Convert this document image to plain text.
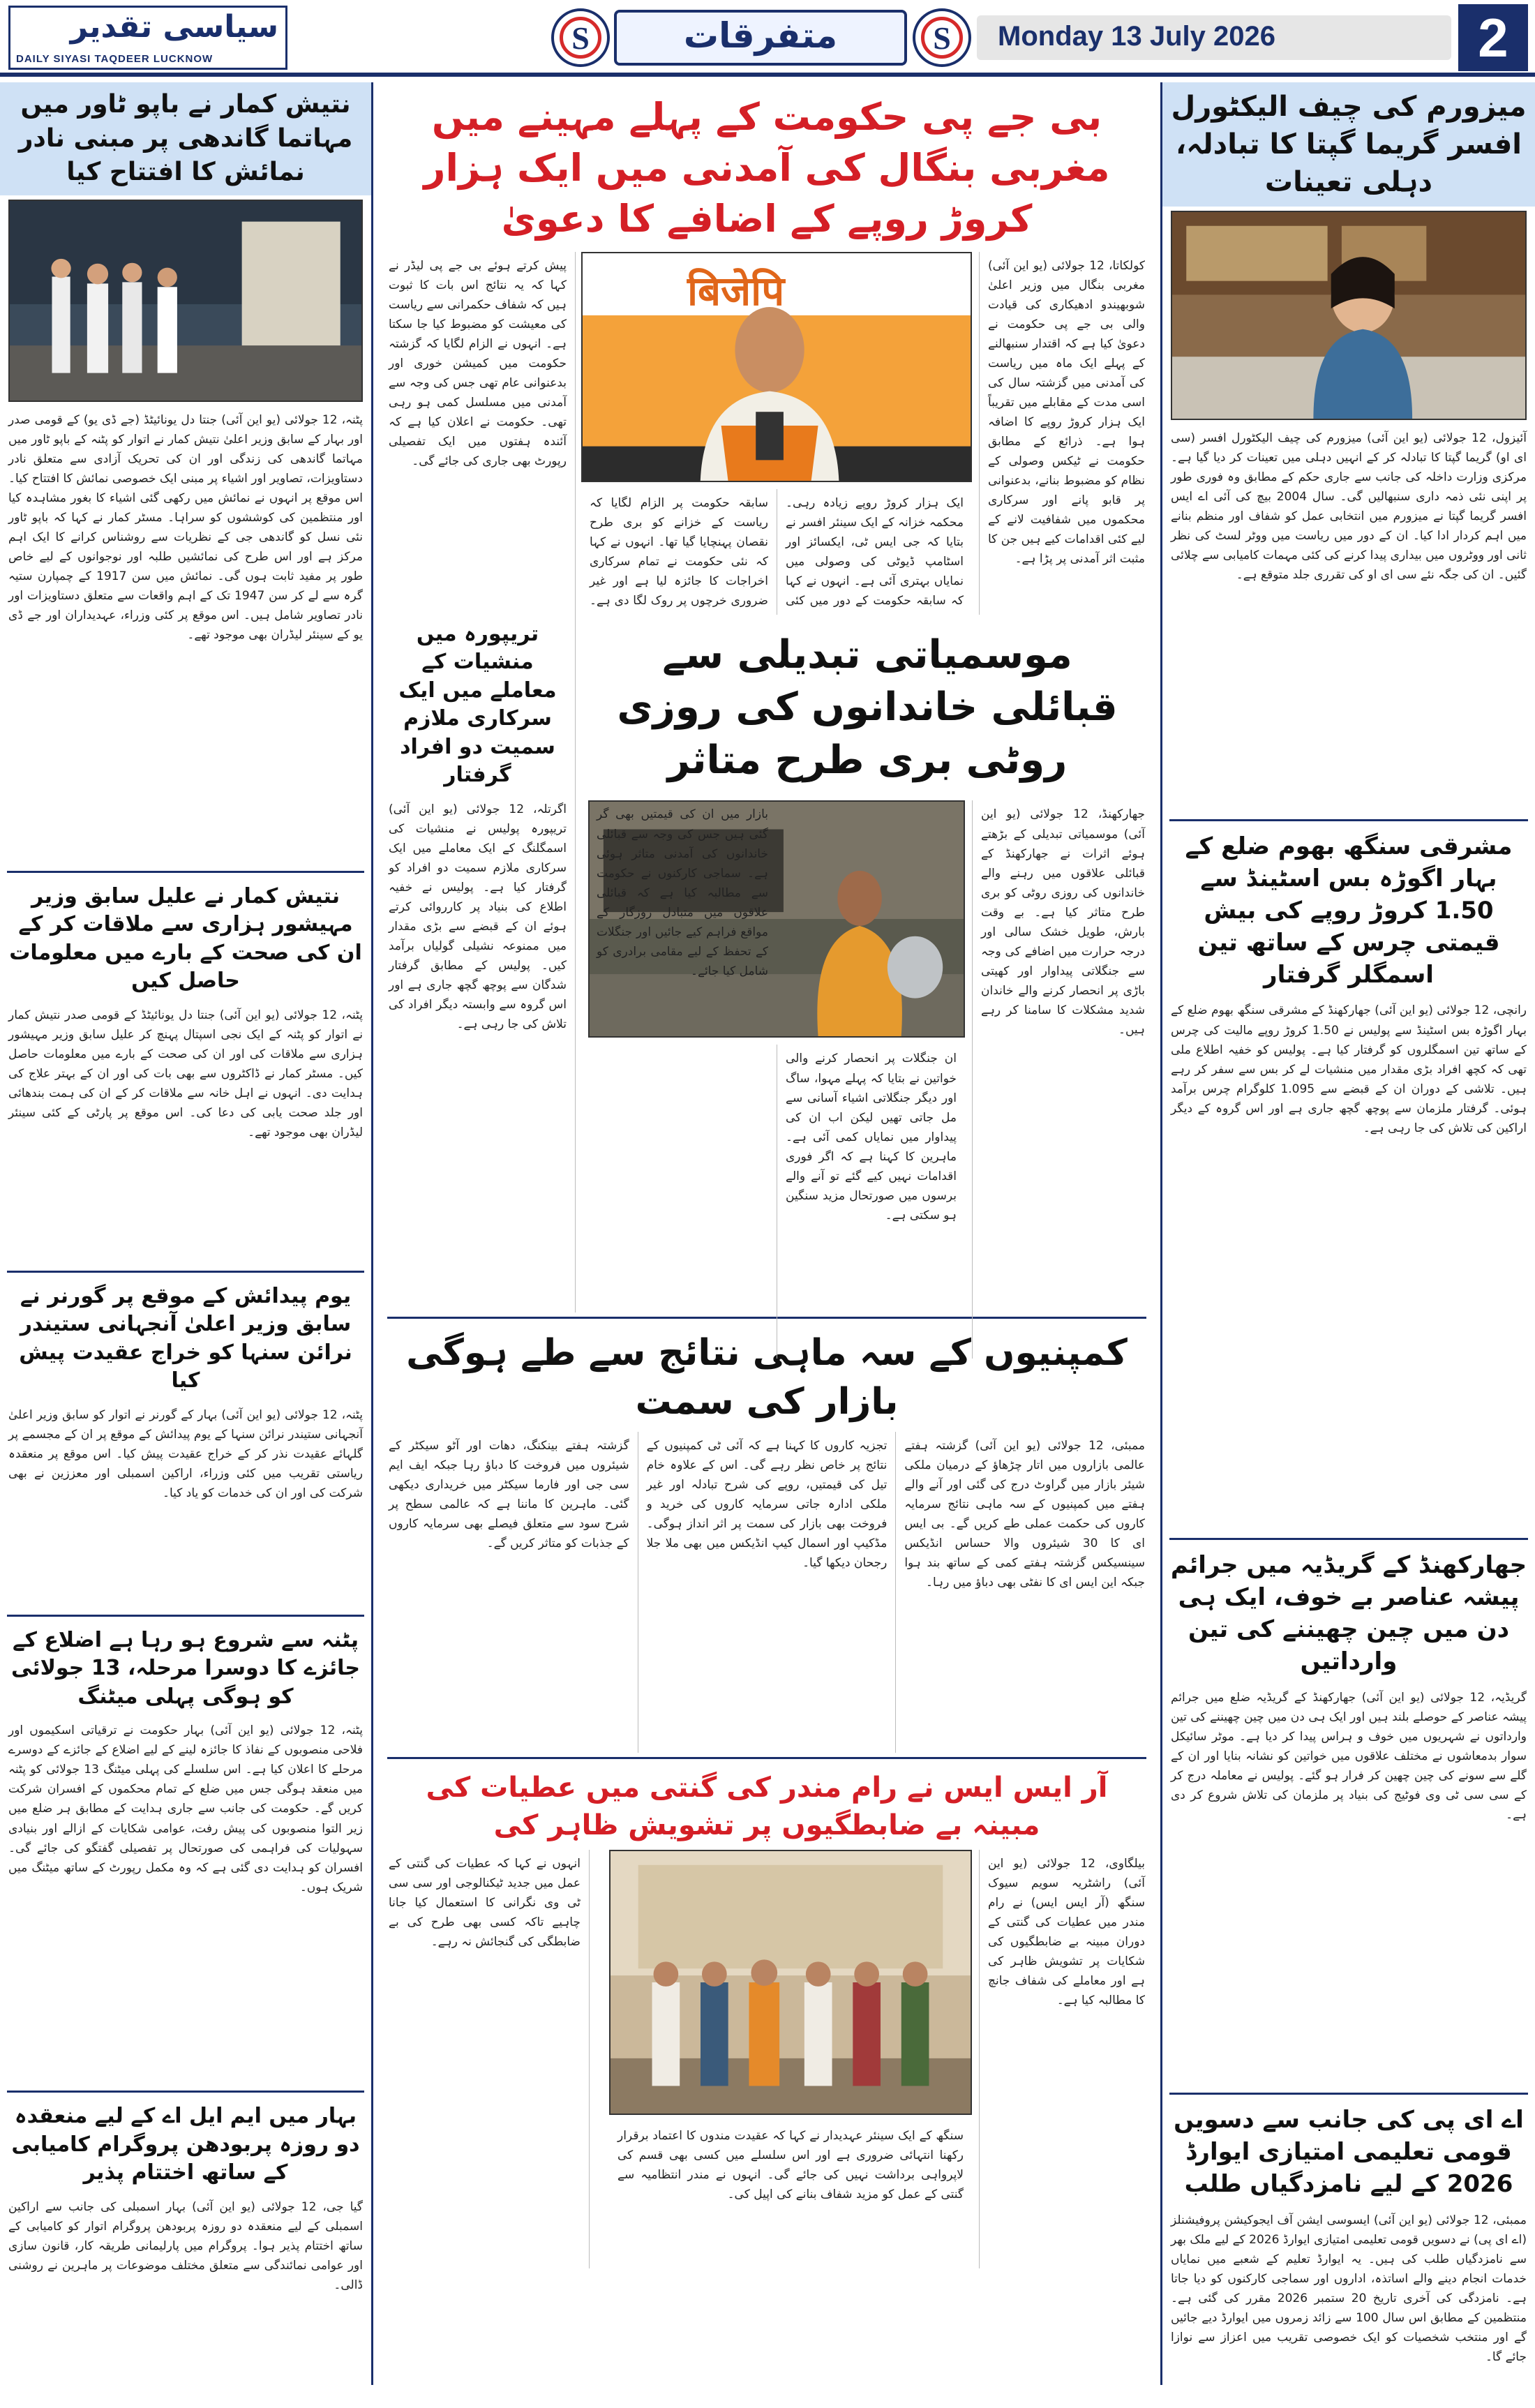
سیاسی تقدیر
DAILY SIYASI TAQDEER LUCKNOW
S	متفرقات	S	Monday 13 July 2026	2
میزورم کی چیف الیکٹورل افسر گریما گپتا کا تبادلہ، دہلی تعینات
آئیزول، 12 جولائی (یو این آئی) میزورم کی چیف الیکٹورل افسر (سی ای او) گریما گپتا کا تبادلہ کر کے انہیں دہلی میں تعینات کر دیا گیا ہے۔ مرکزی وزارت داخلہ کی جانب سے جاری حکم کے مطابق وہ فوری طور پر اپنی نئی ذمہ داری سنبھالیں گی۔ سال 2004 بیچ کی آئی اے ایس افسر گریما گپتا نے میزورم میں انتخابی عمل کو شفاف اور منظم بنانے میں اہم کردار ادا کیا۔ ان کے دور میں ریاست میں ووٹر لسٹ کی نظر ثانی اور ووٹروں میں بیداری پیدا کرنے کی کئی مہمات کامیابی سے چلائی گئیں۔ ان کی جگہ نئے سی ای او کی تقرری جلد متوقع ہے۔
مشرقی سنگھ بھوم ضلع کے بہار اگوڑہ بس اسٹینڈ سے 1.50 کروڑ روپے کی بیش قیمتی چرس کے ساتھ تین اسمگلر گرفتار
رانچی، 12 جولائی (یو این آئی) جھارکھنڈ کے مشرقی سنگھ بھوم ضلع کے بہار اگوڑہ بس اسٹینڈ سے پولیس نے 1.50 کروڑ روپے مالیت کی چرس کے ساتھ تین اسمگلروں کو گرفتار کیا ہے۔ پولیس کو خفیہ اطلاع ملی تھی کہ کچھ افراد بڑی مقدار میں منشیات لے کر بس سے سفر کر رہے ہیں۔ تلاشی کے دوران ان کے قبضے سے 1.095 کلوگرام چرس برآمد ہوئی۔ گرفتار ملزمان سے پوچھ گچھ جاری ہے اور اس گروہ کے دیگر اراکین کی تلاش کی جا رہی ہے۔
جھارکھنڈ کے گریڈیہ میں جرائم پیشہ عناصر بے خوف، ایک ہی دن میں چین چھیننے کی تین وارداتیں
گریڈیہ، 12 جولائی (یو این آئی) جھارکھنڈ کے گریڈیہ ضلع میں جرائم پیشہ عناصر کے حوصلے بلند ہیں اور ایک ہی دن میں چین چھیننے کی تین وارداتوں نے شہریوں میں خوف و ہراس پیدا کر دیا ہے۔ موٹر سائیکل سوار بدمعاشوں نے مختلف علاقوں میں خواتین کو نشانہ بنایا اور ان کے گلے سے سونے کی چین چھین کر فرار ہو گئے۔ پولیس نے معاملہ درج کر کے سی سی ٹی وی فوٹیج کی بنیاد پر ملزمان کی تلاش شروع کر دی ہے۔
اے ای پی کی جانب سے دسویں قومی تعلیمی امتیازی ایوارڈ 2026 کے لیے نامزدگیاں طلب
ممبئی، 12 جولائی (یو این آئی) ایسوسی ایشن آف ایجوکیشن پروفیشنلز (اے ای پی) نے دسویں قومی تعلیمی امتیازی ایوارڈ 2026 کے لیے ملک بھر سے نامزدگیاں طلب کی ہیں۔ یہ ایوارڈ تعلیم کے شعبے میں نمایاں خدمات انجام دینے والے اساتذہ، اداروں اور سماجی کارکنوں کو دیا جاتا ہے۔ نامزدگی کی آخری تاریخ 20 ستمبر 2026 مقرر کی گئی ہے۔ منتظمین کے مطابق اس سال 100 سے زائد زمروں میں ایوارڈ دیے جائیں گے اور منتخب شخصیات کو ایک خصوصی تقریب میں اعزاز سے نوازا جائے گا۔
نتیش کمار نے باپو ٹاور میں مہاتما گاندھی پر مبنی نادر نمائش کا افتتاح کیا
پٹنہ، 12 جولائی (یو این آئی) جنتا دل یونائیٹڈ (جے ڈی یو) کے قومی صدر اور بہار کے سابق وزیر اعلیٰ نتیش کمار نے اتوار کو پٹنہ کے باپو ٹاور میں مہاتما گاندھی کی زندگی اور ان کی تحریک آزادی سے متعلق نادر دستاویزات، تصاویر اور اشیاء پر مبنی ایک خصوصی نمائش کا افتتاح کیا۔ اس موقع پر انہوں نے نمائش میں رکھی گئی اشیاء کا بغور مشاہدہ کیا اور منتظمین کی کوششوں کو سراہا۔ مسٹر کمار نے کہا کہ باپو ٹاور نئی نسل کو گاندھی جی کے نظریات سے روشناس کرانے کا ایک اہم مرکز ہے اور اس طرح کی نمائشیں طلبہ اور نوجوانوں کے لیے خاص طور پر مفید ثابت ہوں گی۔ نمائش میں سن 1917 کے چمپارن ستیہ گرہ سے لے کر سن 1947 تک کے اہم واقعات سے متعلق دستاویزات اور نادر تصاویر شامل ہیں۔ اس موقع پر کئی وزراء، عہدیداران اور جے ڈی یو کے سینئر لیڈران بھی موجود تھے۔
نتیش کمار نے علیل سابق وزیر مہیشور ہزاری سے ملاقات کر کے ان کی صحت کے بارے میں معلومات حاصل کیں
پٹنہ، 12 جولائی (یو این آئی) جنتا دل یونائیٹڈ کے قومی صدر نتیش کمار نے اتوار کو پٹنہ کے ایک نجی اسپتال پہنچ کر علیل سابق وزیر مہیشور ہزاری سے ملاقات کی اور ان کی صحت کے بارے میں معلومات حاصل کیں۔ مسٹر کمار نے ڈاکٹروں سے بھی بات کی اور ان کے بہتر علاج کی ہدایت دی۔ انہوں نے اہل خانہ سے ملاقات کر کے ان کی ہمت بندھائی اور جلد صحت یابی کی دعا کی۔ اس موقع پر پارٹی کے کئی سینئر لیڈران بھی موجود تھے۔
یوم پیدائش کے موقع پر گورنر نے سابق وزیر اعلیٰ آنجہانی ستیندر نرائن سنہا کو خراج عقیدت پیش کیا
پٹنہ، 12 جولائی (یو این آئی) بہار کے گورنر نے اتوار کو سابق وزیر اعلیٰ آنجہانی ستیندر نرائن سنہا کے یوم پیدائش کے موقع پر ان کے مجسمے پر گلہائے عقیدت نذر کر کے خراج عقیدت پیش کیا۔ اس موقع پر منعقدہ ریاستی تقریب میں کئی وزراء، اراکین اسمبلی اور معززین نے بھی شرکت کی اور ان کی خدمات کو یاد کیا۔
پٹنہ سے شروع ہو رہا ہے اضلاع کے جائزے کا دوسرا مرحلہ، 13 جولائی کو ہوگی پہلی میٹنگ
پٹنہ، 12 جولائی (یو این آئی) بہار حکومت نے ترقیاتی اسکیموں اور فلاحی منصوبوں کے نفاذ کا جائزہ لینے کے لیے اضلاع کے جائزے کے دوسرے مرحلے کا اعلان کیا ہے۔ اس سلسلے کی پہلی میٹنگ 13 جولائی کو پٹنہ میں منعقد ہوگی جس میں ضلع کے تمام محکموں کے افسران شرکت کریں گے۔ حکومت کی جانب سے جاری ہدایت کے مطابق ہر ضلع میں زیر التوا منصوبوں کی پیش رفت، عوامی شکایات کے ازالے اور بنیادی سہولیات کی فراہمی کی صورتحال پر تفصیلی گفتگو کی جائے گی۔ افسران کو ہدایت دی گئی ہے کہ وہ مکمل رپورٹ کے ساتھ میٹنگ میں شریک ہوں۔
بہار میں ایم ایل اے کے لیے منعقدہ دو روزہ پربودھن پروگرام کامیابی کے ساتھ اختتام پذیر
گیا جی، 12 جولائی (یو این آئی) بہار اسمبلی کی جانب سے اراکین اسمبلی کے لیے منعقدہ دو روزہ پربودھن پروگرام اتوار کو کامیابی کے ساتھ اختتام پذیر ہوا۔ پروگرام میں پارلیمانی طریقہ کار، قانون سازی اور عوامی نمائندگی سے متعلق مختلف موضوعات پر ماہرین نے روشنی ڈالی۔
بی جے پی حکومت کے پہلے مہینے میں مغربی بنگال کی آمدنی میں ایک ہزار کروڑ روپے کے اضافے کا دعویٰ
کولکاتا، 12 جولائی (یو این آئی) مغربی بنگال میں وزیر اعلیٰ شوبھیندو ادھیکاری کی قیادت والی بی جے پی حکومت نے دعویٰ کیا ہے کہ اقتدار سنبھالنے کے پہلے ایک ماہ میں ریاست کی آمدنی میں گزشتہ سال کی اسی مدت کے مقابلے میں تقریباً ایک ہزار کروڑ روپے کا اضافہ ہوا ہے۔ ذرائع کے مطابق حکومت نے ٹیکس وصولی کے نظام کو مضبوط بنانے، بدعنوانی پر قابو پانے اور سرکاری محکموں میں شفافیت لانے کے لیے کئی اقدامات کیے ہیں جن کا مثبت اثر آمدنی پر پڑا ہے۔
बिजेपि
ایک ہزار کروڑ روپے زیادہ رہی۔ محکمہ خزانہ کے ایک سینئر افسر نے بتایا کہ جی ایس ٹی، ایکسائز اور اسٹامپ ڈیوٹی کی وصولی میں نمایاں بہتری آئی ہے۔ انہوں نے کہا کہ سابقہ حکومت کے دور میں کئی
سابقہ حکومت پر الزام لگایا کہ ریاست کے خزانے کو بری طرح نقصان پہنچایا گیا تھا۔ انہوں نے کہا کہ نئی حکومت نے تمام سرکاری اخراجات کا جائزہ لیا ہے اور غیر ضروری خرچوں پر روک لگا دی ہے۔
پیش کرتے ہوئے بی جے پی لیڈر نے کہا کہ یہ نتائج اس بات کا ثبوت ہیں کہ شفاف حکمرانی سے ریاست کی معیشت کو مضبوط کیا جا سکتا ہے۔ انہوں نے الزام لگایا کہ گزشتہ حکومت میں کمیشن خوری اور بدعنوانی عام تھی جس کی وجہ سے آمدنی میں مسلسل کمی ہو رہی تھی۔ حکومت نے اعلان کیا ہے کہ آئندہ ہفتوں میں ایک تفصیلی رپورٹ بھی جاری کی جائے گی۔
تریپورہ میں منشیات کے معاملے میں ایک سرکاری ملازم سمیت دو افراد گرفتار
اگرتلہ، 12 جولائی (یو این آئی) تریپورہ پولیس نے منشیات کی اسمگلنگ کے ایک معاملے میں ایک سرکاری ملازم سمیت دو افراد کو گرفتار کیا ہے۔ پولیس نے خفیہ اطلاع کی بنیاد پر کارروائی کرتے ہوئے ان کے قبضے سے بڑی مقدار میں ممنوعہ نشیلی گولیاں برآمد کیں۔ پولیس کے مطابق گرفتار شدگان سے پوچھ گچھ جاری ہے اور اس گروہ سے وابستہ دیگر افراد کی تلاش کی جا رہی ہے۔
موسمیاتی تبدیلی سے قبائلی خاندانوں کی روزی روٹی بری طرح متاثر
جھارکھنڈ، 12 جولائی (یو این آئی) موسمیاتی تبدیلی کے بڑھتے ہوئے اثرات نے جھارکھنڈ کے قبائلی علاقوں میں رہنے والے خاندانوں کی روزی روٹی کو بری طرح متاثر کیا ہے۔ بے وقت بارش، طویل خشک سالی اور درجہ حرارت میں اضافے کی وجہ سے جنگلاتی پیداوار اور کھیتی باڑی پر انحصار کرنے والے خاندان شدید مشکلات کا سامنا کر رہے ہیں۔
ان جنگلات پر انحصار کرنے والی خواتین نے بتایا کہ پہلے مہوا، ساگ اور دیگر جنگلاتی اشیاء آسانی سے مل جاتی تھیں لیکن اب ان کی پیداوار میں نمایاں کمی آئی ہے۔ ماہرین کا کہنا ہے کہ اگر فوری اقدامات نہیں کیے گئے تو آنے والے برسوں میں صورتحال مزید سنگین ہو سکتی ہے۔
بازار میں ان کی قیمتیں بھی گر گئی ہیں جس کی وجہ سے قبائلی خاندانوں کی آمدنی متاثر ہوئی ہے۔ سماجی کارکنوں نے حکومت سے مطالبہ کیا ہے کہ قبائلی علاقوں میں متبادل روزگار کے مواقع فراہم کیے جائیں اور جنگلات کے تحفظ کے لیے مقامی برادری کو شامل کیا جائے۔
کمپنیوں کے سہ ماہی نتائج سے طے ہوگی بازار کی سمت
ممبئی، 12 جولائی (یو این آئی) گزشتہ ہفتے عالمی بازاروں میں اتار چڑھاؤ کے درمیان ملکی شیئر بازار میں گراوٹ درج کی گئی اور آنے والے ہفتے میں کمپنیوں کے سہ ماہی نتائج سرمایہ کاروں کی حکمت عملی طے کریں گے۔ بی ایس ای کا 30 شیئروں والا حساس انڈیکس سینسیکس گزشتہ ہفتے کمی کے ساتھ بند ہوا جبکہ این ایس ای کا نفٹی بھی دباؤ میں رہا۔
تجزیہ کاروں کا کہنا ہے کہ آئی ٹی کمپنیوں کے نتائج پر خاص نظر رہے گی۔ اس کے علاوہ خام تیل کی قیمتیں، روپے کی شرح تبادلہ اور غیر ملکی ادارہ جاتی سرمایہ کاروں کی خرید و فروخت بھی بازار کی سمت پر اثر انداز ہوگی۔ مڈکیپ اور اسمال کیپ انڈیکس میں بھی ملا جلا رجحان دیکھا گیا۔
گزشتہ ہفتے بینکنگ، دھات اور آٹو سیکٹر کے شیئروں میں فروخت کا دباؤ رہا جبکہ ایف ایم سی جی اور فارما سیکٹر میں خریداری دیکھی گئی۔ ماہرین کا ماننا ہے کہ عالمی سطح پر شرح سود سے متعلق فیصلے بھی سرمایہ کاروں کے جذبات کو متاثر کریں گے۔
آر ایس ایس نے رام مندر کی گنتی میں عطیات کی مبینہ بے ضابطگیوں پر تشویش ظاہر کی
بیلگاوی، 12 جولائی (یو این آئی) راشٹریہ سویم سیوک سنگھ (آر ایس ایس) نے رام مندر میں عطیات کی گنتی کے دوران مبینہ بے ضابطگیوں کی شکایات پر تشویش ظاہر کی ہے اور معاملے کی شفاف جانچ کا مطالبہ کیا ہے۔
سنگھ کے ایک سینئر عہدیدار نے کہا کہ عقیدت مندوں کا اعتماد برقرار رکھنا انتہائی ضروری ہے اور اس سلسلے میں کسی بھی قسم کی لاپرواہی برداشت نہیں کی جائے گی۔ انہوں نے مندر انتظامیہ سے گنتی کے عمل کو مزید شفاف بنانے کی اپیل کی۔
انہوں نے کہا کہ عطیات کی گنتی کے عمل میں جدید ٹیکنالوجی اور سی سی ٹی وی نگرانی کا استعمال کیا جانا چاہیے تاکہ کسی بھی طرح کی بے ضابطگی کی گنجائش نہ رہے۔
